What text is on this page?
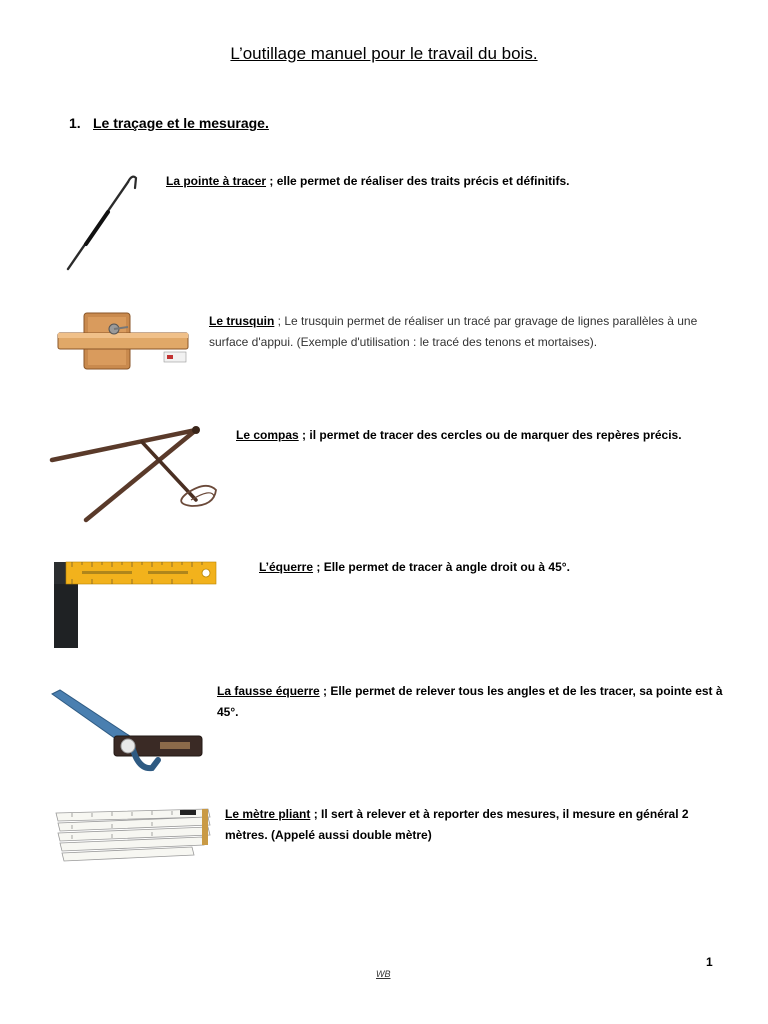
L’outillage manuel pour le travail du bois.
1. Le traçage et le mesurage.
La pointe à tracer ; elle permet de réaliser des traits précis et définitifs.
Le trusquin ; Le trusquin permet de réaliser un tracé par gravage de lignes parallèles à une surface d'appui. (Exemple d'utilisation : le tracé des tenons et mortaises).
Le compas ; il permet de tracer des cercles ou de marquer des repères précis.
L’équerre ; Elle permet de tracer à angle droit ou à 45°.
La fausse équerre ; Elle permet de relever tous les angles et de les tracer, sa pointe est à 45°.
Le mètre pliant ; Il sert à relever et à reporter des mesures, il mesure en général 2 mètres. (Appelé aussi double mètre)
1
WB
